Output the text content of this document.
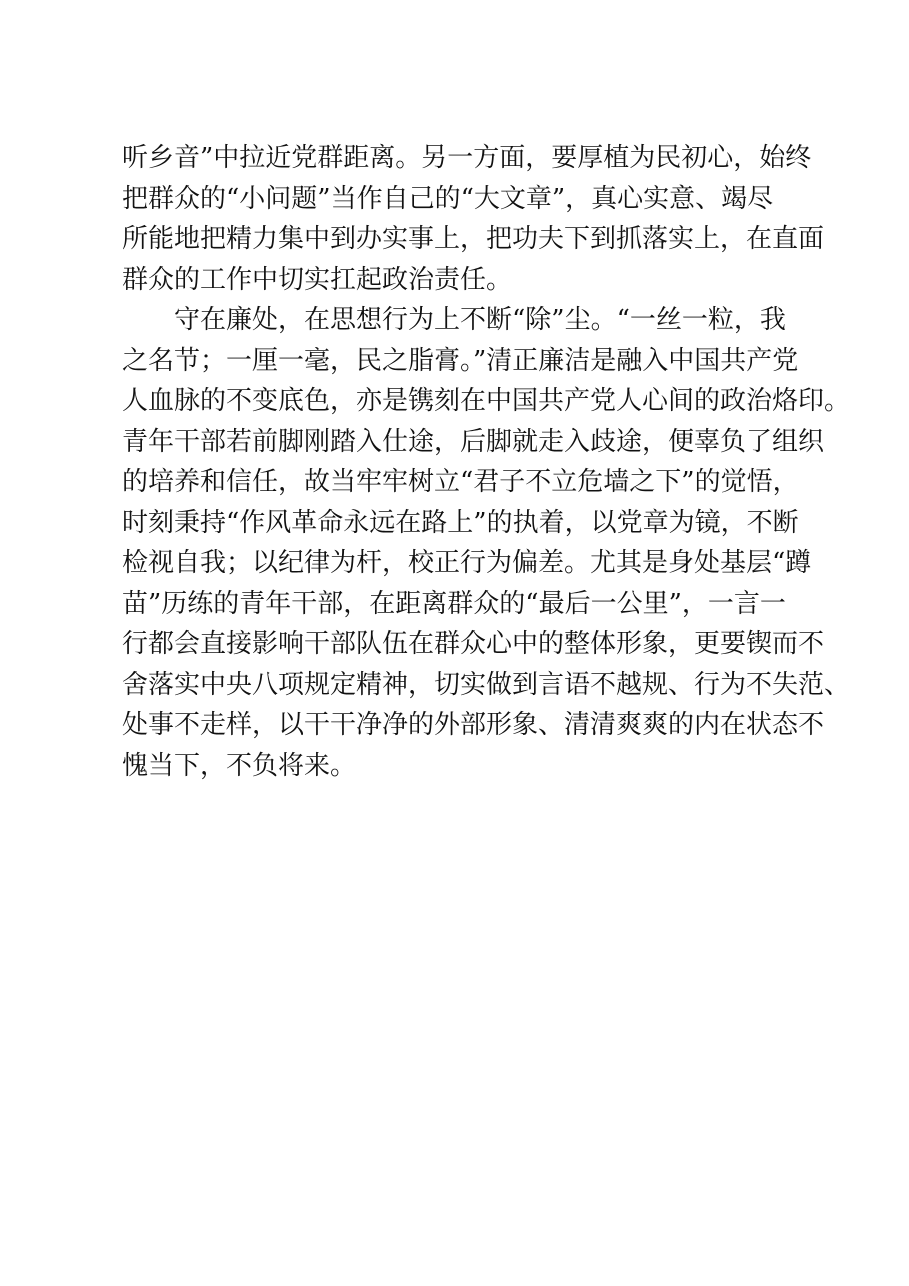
听乡音”中拉近党群距离。另一方面，要厚植为民初心，始终
把群众的“小问题”当作自己的“大文章”，真心实意、竭尽
所能地把精力集中到办实事上，把功夫下到抓落实上，在直面
群众的工作中切实扛起政治责任。
守在廉处，在思想行为上不断“除”尘。“一丝一粒，我
之名节；一厘一毫，民之脂膏。”清正廉洁是融入中国共产党
人血脉的不变底色，亦是镌刻在中国共产党人心间的政治烙印。
青年干部若前脚刚踏入仕途，后脚就走入歧途，便辜负了组织
的培养和信任，故当牢牢树立“君子不立危墙之下”的觉悟，
时刻秉持“作风革命永远在路上”的执着，以党章为镜，不断
检视自我；以纪律为杆，校正行为偏差。尤其是身处基层“蹲
苗”历练的青年干部，在距离群众的“最后一公里”，一言一
行都会直接影响干部队伍在群众心中的整体形象，更要锲而不
舍落实中央八项规定精神，切实做到言语不越规、行为不失范、
处事不走样，以干干净净的外部形象、清清爽爽的内在状态不
愧当下，不负将来。
